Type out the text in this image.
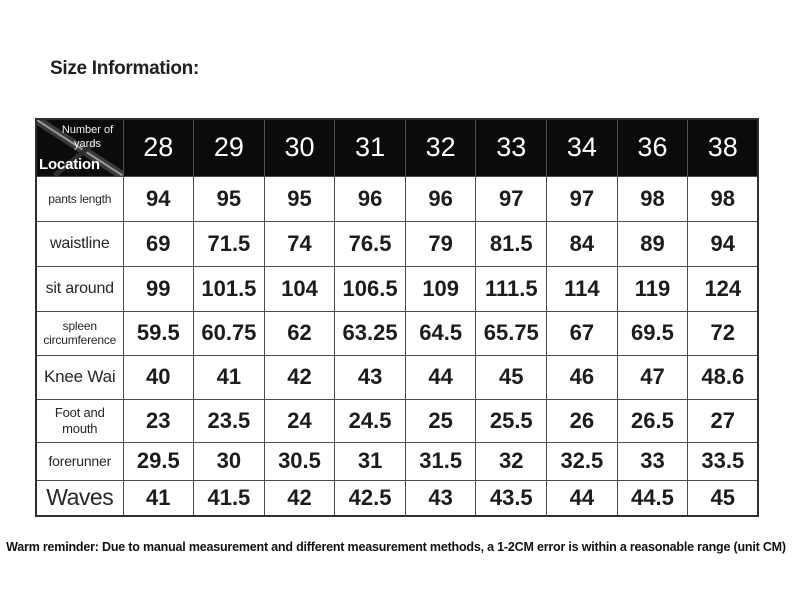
Size Information:
Number of yards
Location	28	29	30	31	32	33	34	36	38
pants length	94	95	95	96	96	97	97	98	98
waistline	69	71.5	74	76.5	79	81.5	84	89	94
sit around	99	101.5	104	106.5	109	111.5	114	119	124
spleen circumference	59.5	60.75	62	63.25	64.5	65.75	67	69.5	72
Knee Wai	40	41	42	43	44	45	46	47	48.6
Foot and mouth	23	23.5	24	24.5	25	25.5	26	26.5	27
forerunner	29.5	30	30.5	31	31.5	32	32.5	33	33.5
Waves	41	41.5	42	42.5	43	43.5	44	44.5	45
Warm reminder: Due to manual measurement and different measurement methods, a 1-2CM error is within a reasonable range (unit CM)
